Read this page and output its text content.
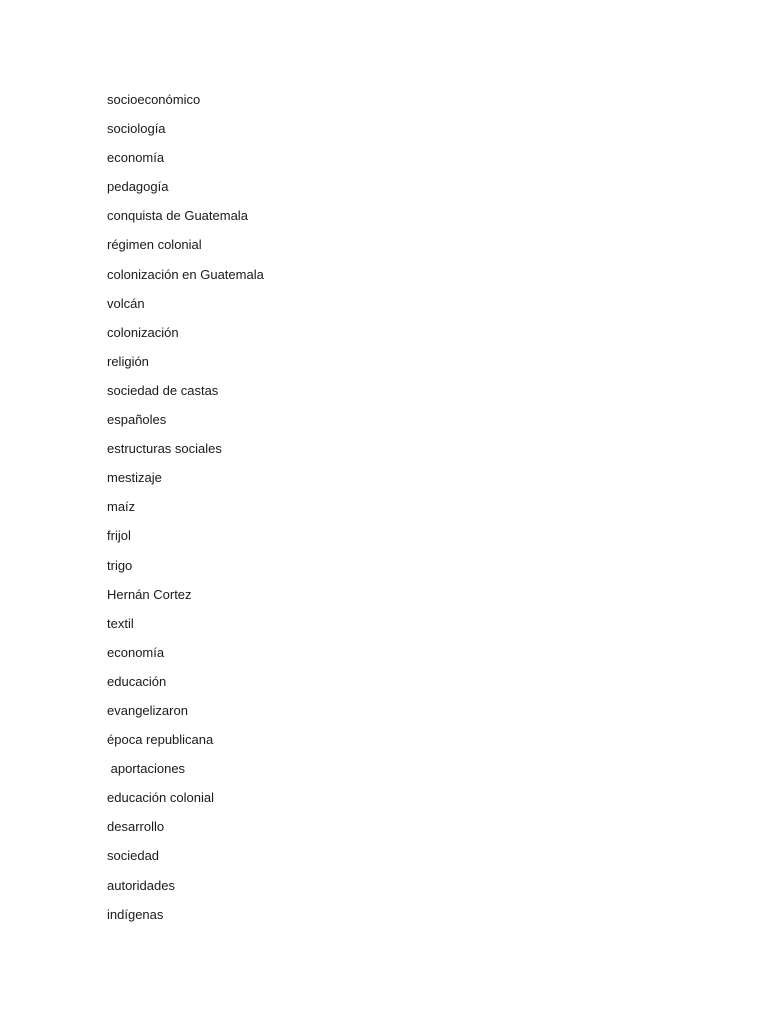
socioeconómico
sociología
economía
pedagogía
conquista de Guatemala
régimen colonial
colonización en Guatemala
volcán
colonización
religión
sociedad de castas
españoles
estructuras sociales
mestizaje
maíz
frijol
trigo
Hernán Cortez
textil
economía
educación
evangelizaron
época republicana
aportaciones
educación colonial
desarrollo
sociedad
autoridades
indígenas
